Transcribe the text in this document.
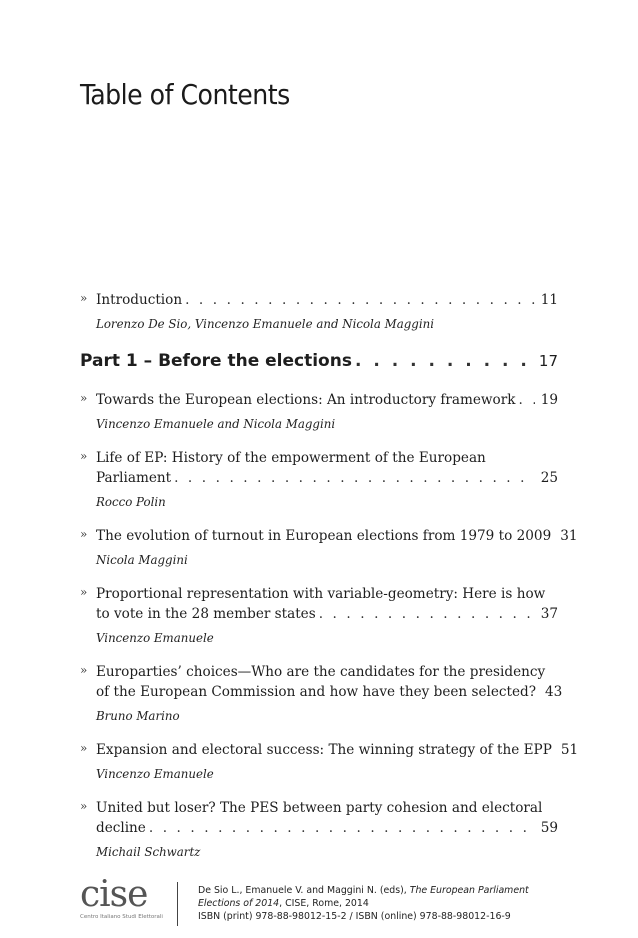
Table of Contents
» Introduction . . .	11
Lorenzo De Sio, Vincenzo Emanuele and Nicola Maggini
Part 1 – Before the elections . . .	17
» Towards the European elections: An introductory framework . . .	19
Vincenzo Emanuele and Nicola Maggini
» Life of EP: History of the empowerment of the European
Parliament . . .	25
Rocco Polin
» The evolution of turnout in European elections from 1979 to 2009 . . . 31
Nicola Maggini
» Proportional representation with variable-geometry: Here is how
to vote in the 28 member states . . .	37
Vincenzo Emanuele
» Europarties’ choices—Who are the candidates for the presidency
of the European Commission and how have they been selected? . . . 43
Bruno Marino
» Expansion and electoral success: The winning strategy of the EPP . . . 51
Vincenzo Emanuele
» United but loser? The PES between party cohesion and electoral
decline . . .	59
Michail Schwartz
cise
Centro Italiano Studi Elettorali
De Sio L., Emanuele V. and Maggini N. (eds), The European Parliament Elections of 2014, CISE, Rome, 2014
ISBN (print) 978-88-98012-15-2 / ISBN (online) 978-88-98012-16-9
